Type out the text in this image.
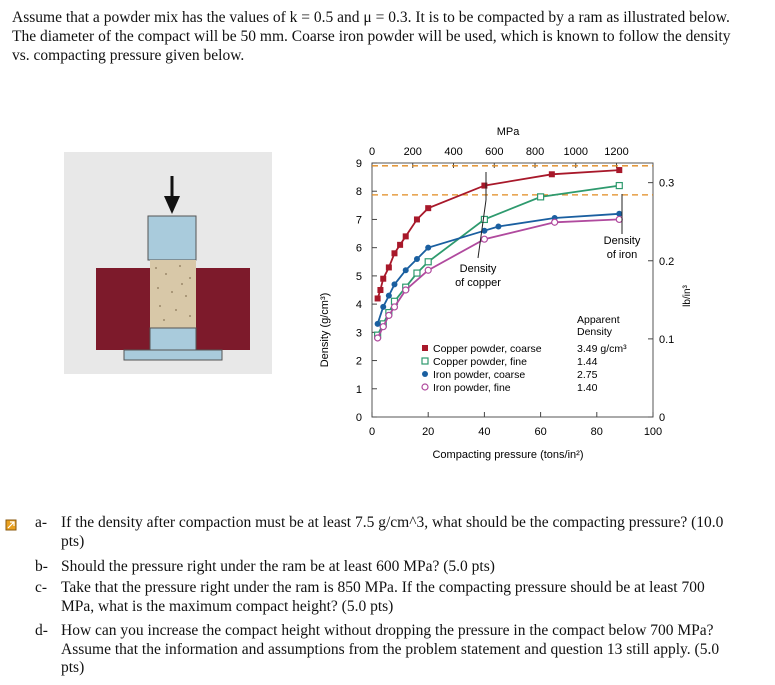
Assume that a powder mix has the values of k = 0.5 and μ = 0.3. It is to be compacted by a ram as illustrated below. The diameter of the compact will be 50 mm. Coarse iron powder will be used, which is known to follow the density vs. compacting pressure given below.
Density (g/cm³)	lb/in³
MPa
Compacting pressure (tons/in²)
0	20	40	60	80	100
0	200 400 600 800 1000 1200
0
1
2
3
4
5
6
7
8
9
0
0.1
0.2
0.3
Density
of copper
Density
of iron
Apparent
Density
Copper powder, coarse	3.49 g/cm³
Copper powder, fine	1.44
Iron powder, coarse	2.75
Iron powder, fine	1.40
a- If the density after compaction must be at least 7.5 g/cm^3, what should be the compacting pressure? (10.0 pts)
b- Should the pressure right under the ram be at least 600 MPa? (5.0 pts)
c- Take that the pressure right under the ram is 850 MPa. If the compacting pressure should be at least 700 MPa, what is the maximum compact height? (5.0 pts)
d- How can you increase the compact height without dropping the pressure in the compact below 700 MPa? Assume that the information and assumptions from the problem statement and question 13 still apply. (5.0 pts)
